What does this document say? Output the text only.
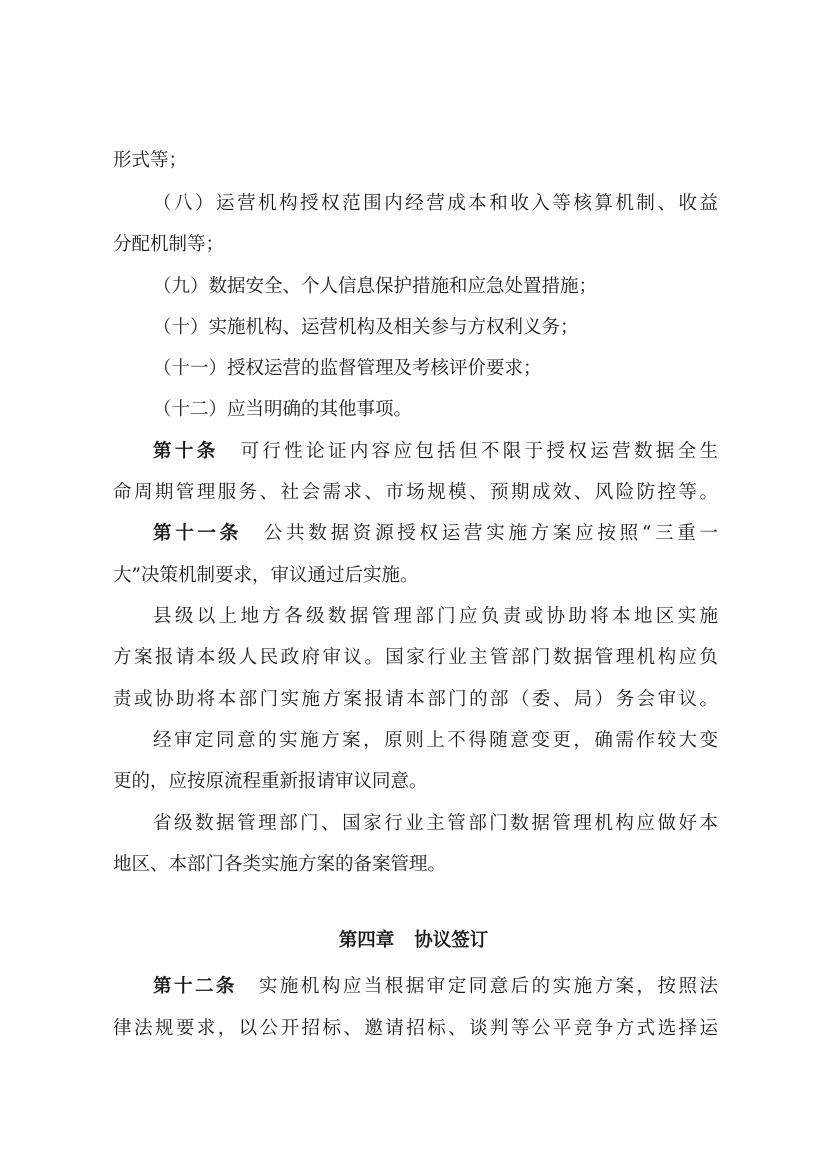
形式等；
（八）运营机构授权范围内经营成本和收入等核算机制、收益
分配机制等；
（九）数据安全、个人信息保护措施和应急处置措施；
（十）实施机构、运营机构及相关参与方权利义务；
（十一）授权运营的监督管理及考核评价要求；
（十二）应当明确的其他事项。
第十条 可行性论证内容应包括但不限于授权运营数据全生
命周期管理服务、社会需求、市场规模、预期成效、风险防控等。
第十一条 公共数据资源授权运营实施方案应按照“三重一
大”决策机制要求，审议通过后实施。
县级以上地方各级数据管理部门应负责或协助将本地区实施
方案报请本级人民政府审议。国家行业主管部门数据管理机构应负
责或协助将本部门实施方案报请本部门的部（委、局）务会审议。
经审定同意的实施方案，原则上不得随意变更，确需作较大变
更的，应按原流程重新报请审议同意。
省级数据管理部门、国家行业主管部门数据管理机构应做好本
地区、本部门各类实施方案的备案管理。
第四章 协议签订
第十二条 实施机构应当根据审定同意后的实施方案，按照法
律法规要求，以公开招标、邀请招标、谈判等公平竞争方式选择运
